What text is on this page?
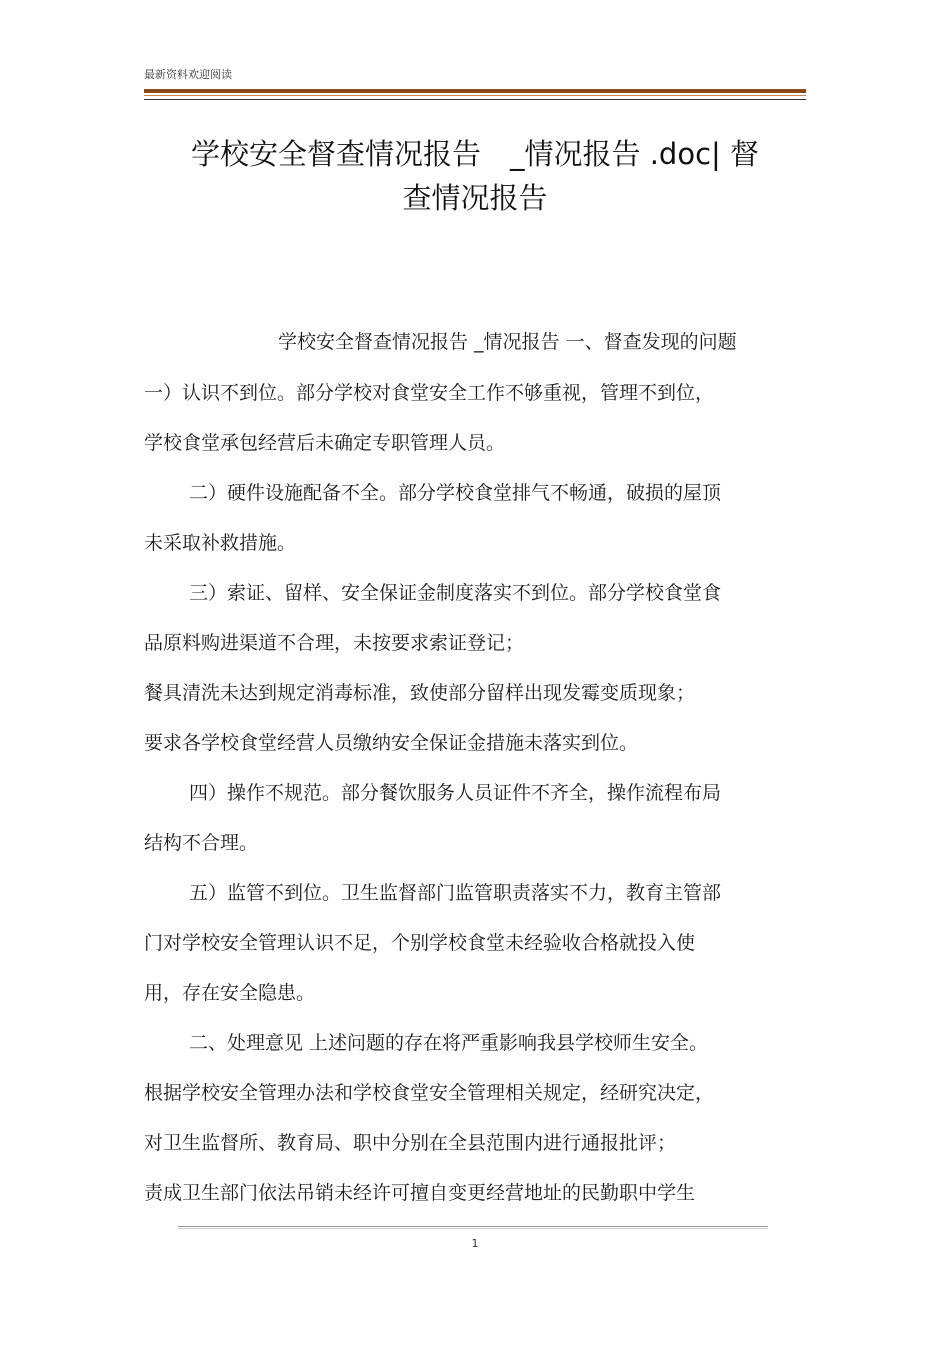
最新资料欢迎阅读
学校安全督查情况报告　_情况报告 .doc| 督
查情况报告
学校安全督查情况报告 _情况报告 一、督查发现的问题
一）认识不到位。部分学校对食堂安全工作不够重视，管理不到位，
学校食堂承包经营后未确定专职管理人员。
二）硬件设施配备不全。部分学校食堂排气不畅通，破损的屋顶
未采取补救措施。
三）索证、留样、安全保证金制度落实不到位。部分学校食堂食
品原料购进渠道不合理，未按要求索证登记；
餐具清洗未达到规定消毒标准，致使部分留样出现发霉变质现象；
要求各学校食堂经营人员缴纳安全保证金措施未落实到位。
四）操作不规范。部分餐饮服务人员证件不齐全，操作流程布局
结构不合理。
五）监管不到位。卫生监督部门监管职责落实不力，教育主管部
门对学校安全管理认识不足，个别学校食堂未经验收合格就投入使
用，存在安全隐患。
二、处理意见 上述问题的存在将严重影响我县学校师生安全。
根据学校安全管理办法和学校食堂安全管理相关规定，经研究决定，
对卫生监督所、教育局、职中分别在全县范围内进行通报批评；
责成卫生部门依法吊销未经许可擅自变更经营地址的民勤职中学生
1
